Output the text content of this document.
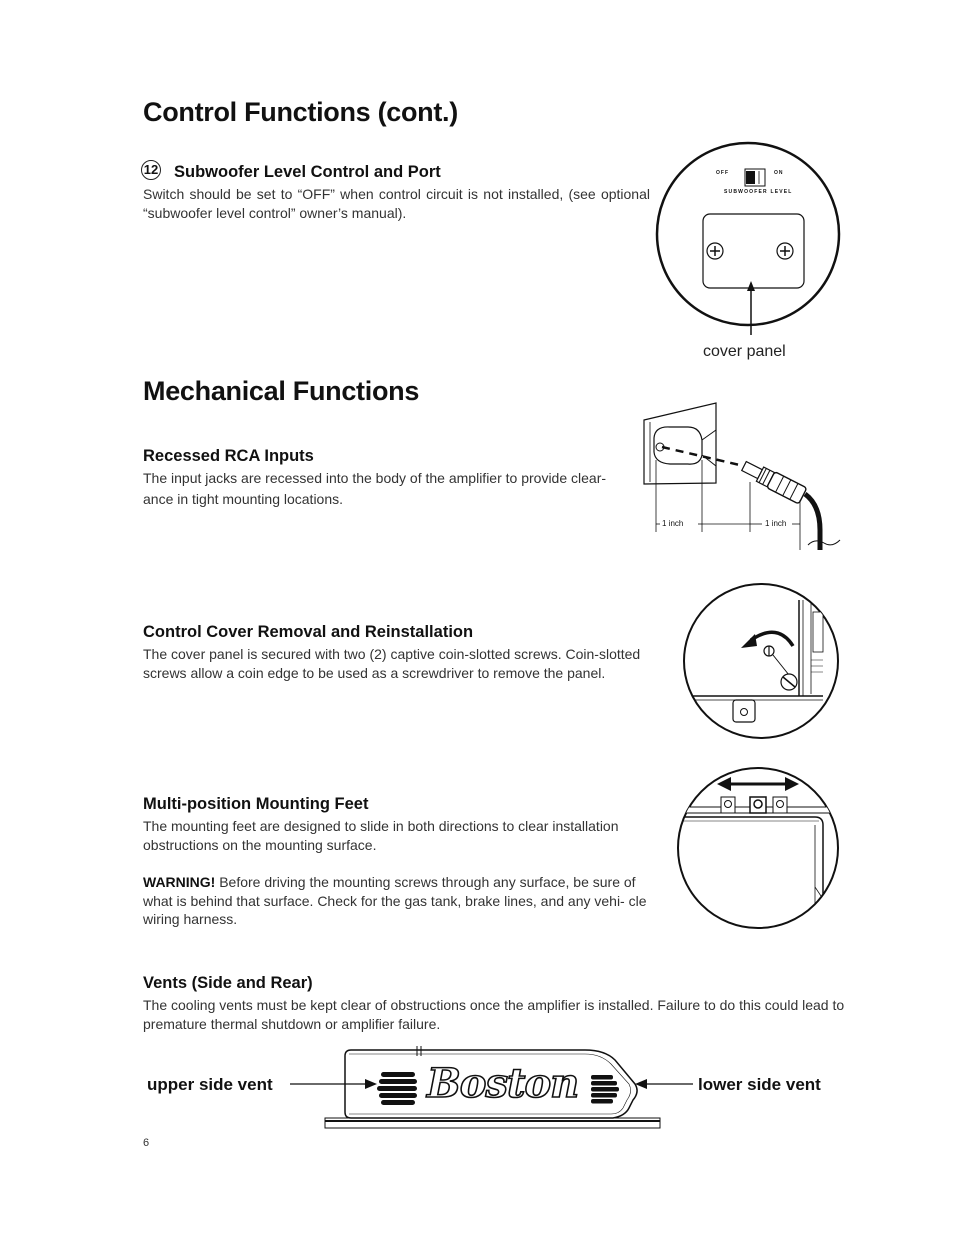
Control Functions (cont.)
12 Subwoofer Level Control and Port

Switch should be set to “OFF” when control circuit is not installed, (see optional “subwoofer level control” owner’s manual).

OFF	ON
SUBWOOFER LEVEL
cover panel
Mechanical Functions
Recessed RCA Inputs

The input jacks are recessed into the body of the amplifier to provide clear-

ance in tight mounting locations.

1 inch	1 inch
Control Cover Removal and Reinstallation

The cover panel is secured with two (2) captive coin-slotted screws. Coin-slotted screws allow a coin edge to be used as a screwdriver to remove the panel.

Multi-position Mounting Feet

The mounting feet are designed to slide in both directions to clear installation obstructions on the mounting surface.

WARNING! Before driving the mounting screws through any surface, be sure of what is behind that surface. Check for the gas tank, brake lines, and any vehi- cle wiring harness.

Vents (Side and Rear)

The cooling vents must be kept clear of obstructions once the amplifier is installed. Failure to do this could lead to premature thermal shutdown or amplifier failure.

upper side vent	lower side vent
Boston
6
